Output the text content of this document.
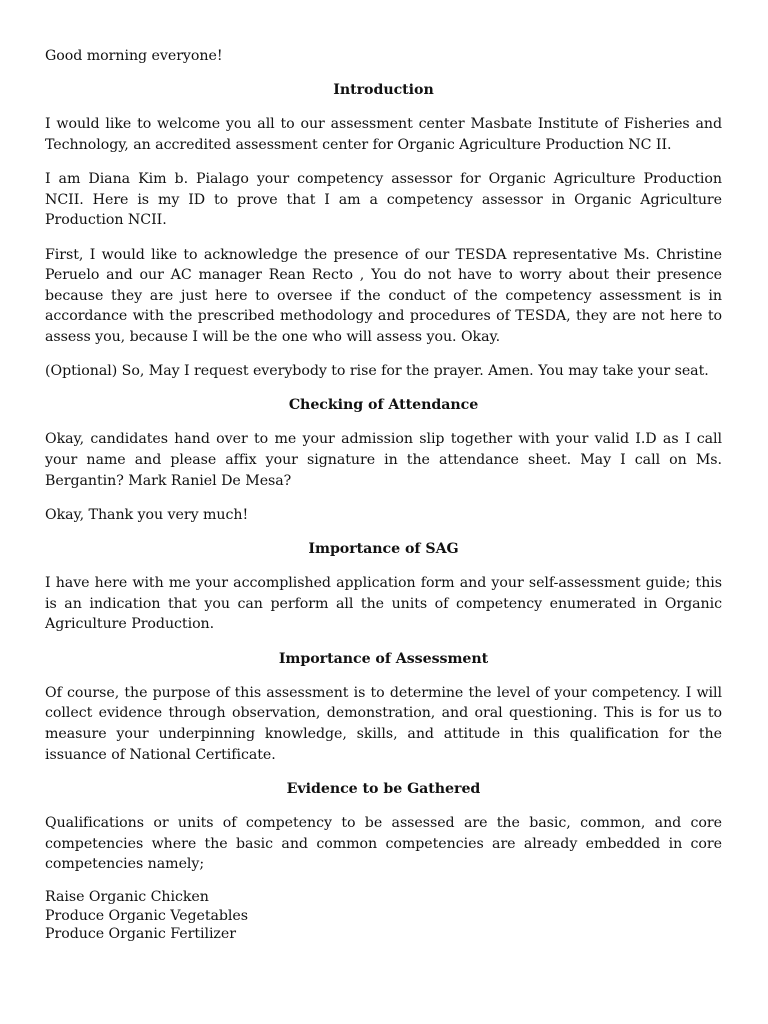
Good morning everyone!

Introduction

I would like to welcome you all to our assessment center Masbate Institute of Fisheries and Technology, an accredited assessment center for Organic Agriculture Production NC II.

I am Diana Kim b. Pialago your competency assessor for Organic Agriculture Production NCII. Here is my ID to prove that I am a competency assessor in Organic Agriculture Production NCII.

First, I would like to acknowledge the presence of our TESDA representative Ms. Christine Peruelo and our AC manager Rean Recto , You do not have to worry about their presence because they are just here to oversee if the conduct of the competency assessment is in accordance with the prescribed methodology and procedures of TESDA, they are not here to assess you, because I will be the one who will assess you. Okay.

(Optional) So, May I request everybody to rise for the prayer. Amen. You may take your seat.

Checking of Attendance

Okay, candidates hand over to me your admission slip together with your valid I.D as I call your name and please affix your signature in the attendance sheet. May I call on Ms. Bergantin? Mark Raniel De Mesa?

Okay, Thank you very much!

Importance of SAG

I have here with me your accomplished application form and your self-assessment guide; this is an indication that you can perform all the units of competency enumerated in Organic Agriculture Production.

Importance of Assessment

Of course, the purpose of this assessment is to determine the level of your competency. I will collect evidence through observation, demonstration, and oral questioning. This is for us to measure your underpinning knowledge, skills, and attitude in this qualification for the issuance of National Certificate.

Evidence to be Gathered

Qualifications or units of competency to be assessed are the basic, common, and core competencies where the basic and common competencies are already embedded in core competencies namely;

Raise Organic Chicken
Produce Organic Vegetables
Produce Organic Fertilizer
